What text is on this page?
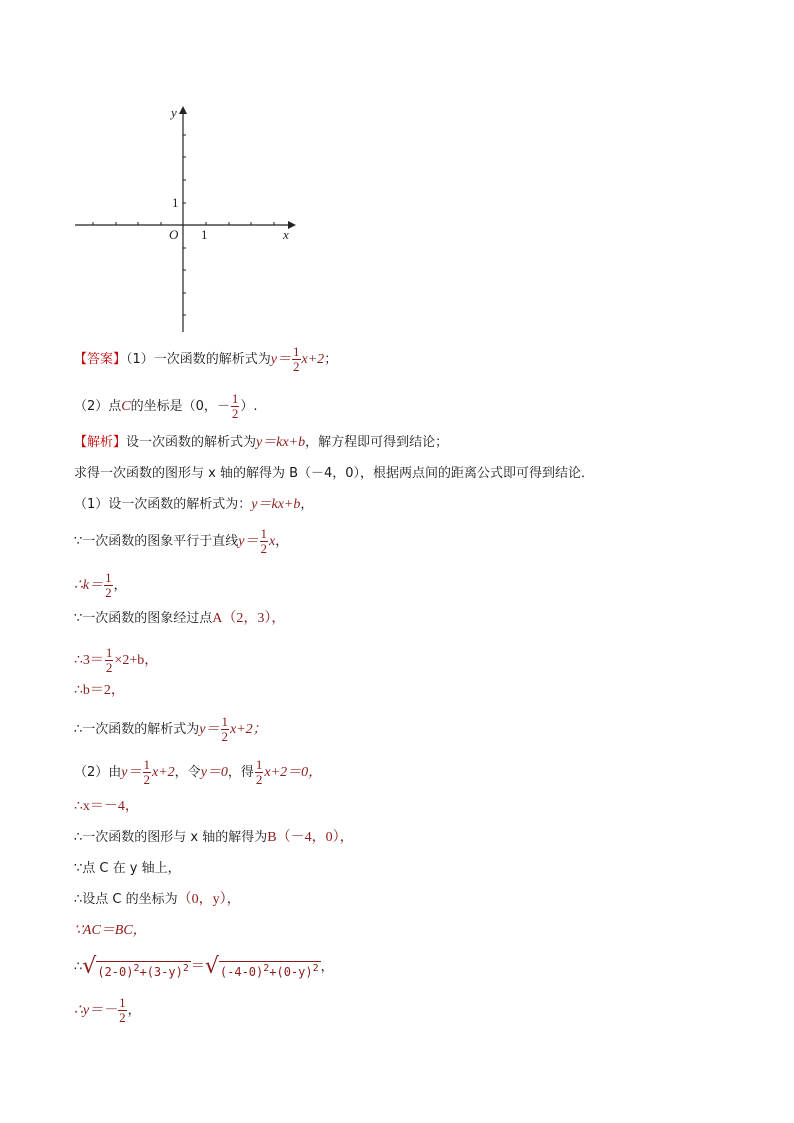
y
x
O 1
1
【答案】（1）一次函数的解析式为$y= \frac{1}{2} x+2$；
（2）点C的坐标是（0，－ $\frac{1}{2}$ ）.
【解析】设一次函数的解析式为y＝kx+b，解方程即可得到结论；
求得一次函数的图形与 x 轴的解得为 B（－4，0），根据两点间的距离公式即可得到结论．
（1）设一次函数的解析式为：y＝kx+b，
∵一次函数的图象平行于直线$y= \frac{1}{2}$ x，
∴k＝ $\frac{1}{2}$ ，
∵一次函数的图象经过点A（2，3），
∴3＝ $\frac{1}{2} \times 2+b$，
∴b＝2，
∴一次函数的解析式为$y= \frac{1}{2} x+2$；
（2）由$y= \frac{1}{2} x+2$，令y＝0，得 $\frac{1}{2} x+2=0$，
∴x＝－4，
∴一次函数的图形与 x 轴的解得为B（－4，0），
∵点 C 在 y 轴上，
∴设点 C 的坐标为（0，y），
∵AC＝BC，
∴ √ $(2-0)^2+(3-y)^2$ ＝ √ $(-4-0)^2+(0-y)^2$ ，
∴y＝－ $\frac{1}{2}$ ，
